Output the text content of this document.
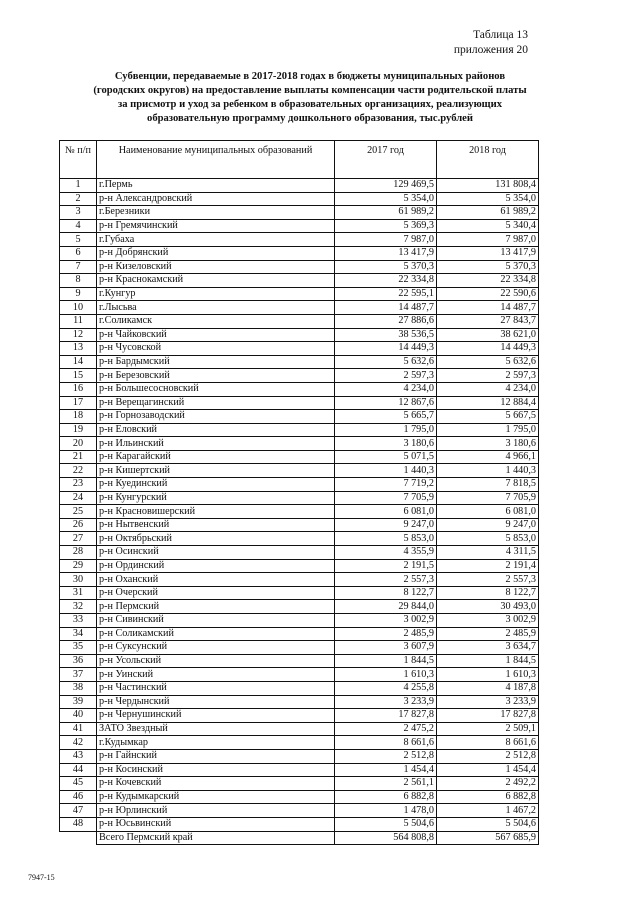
Таблица 13
приложения 20
Субвенции, передаваемые в 2017-2018 годах в бюджеты муниципальных районов
(городских округов) на предоставление выплаты компенсации части родительской платы
за присмотр и уход за ребенком в образовательных организациях, реализующих
образовательную программу дошкольного образования, тыс.рублей
№ п/п	Наименование муниципальных образований	2017 год	2018 год
1	г.Пермь	129 469,5	131 808,4
2	р-н Александровский	5 354,0	5 354,0
3	г.Березники	61 989,2	61 989,2
4	р-н Гремячинский	5 369,3	5 340,4
5	г.Губаха	7 987,0	7 987,0
6	р-н Добрянский	13 417,9	13 417,9
7	р-н Кизеловский	5 370,3	5 370,3
8	р-н Краснокамский	22 334,8	22 334,8
9	г.Кунгур	22 595,1	22 590,6
10	г.Лысьва	14 487,7	14 487,7
11	г.Соликамск	27 886,6	27 843,7
12	р-н Чайковский	38 536,5	38 621,0
13	р-н Чусовской	14 449,3	14 449,3
14	р-н Бардымский	5 632,6	5 632,6
15	р-н Березовский	2 597,3	2 597,3
16	р-н Большесосновский	4 234,0	4 234,0
17	р-н Верещагинский	12 867,6	12 884,4
18	р-н Горнозаводский	5 665,7	5 667,5
19	р-н Еловский	1 795,0	1 795,0
20	р-н Ильинский	3 180,6	3 180,6
21	р-н Карагайский	5 071,5	4 966,1
22	р-н Кишертский	1 440,3	1 440,3
23	р-н Куединский	7 719,2	7 818,5
24	р-н Кунгурский	7 705,9	7 705,9
25	р-н Красновишерский	6 081,0	6 081,0
26	р-н Нытвенский	9 247,0	9 247,0
27	р-н Октябрьский	5 853,0	5 853,0
28	р-н Осинский	4 355,9	4 311,5
29	р-н Ординский	2 191,5	2 191,4
30	р-н Оханский	2 557,3	2 557,3
31	р-н Очерский	8 122,7	8 122,7
32	р-н Пермский	29 844,0	30 493,0
33	р-н Сивинский	3 002,9	3 002,9
34	р-н Соликамский	2 485,9	2 485,9
35	р-н Суксунский	3 607,9	3 634,7
36	р-н Усольский	1 844,5	1 844,5
37	р-н Уинский	1 610,3	1 610,3
38	р-н Частинский	4 255,8	4 187,8
39	р-н Чердынский	3 233,9	3 233,9
40	р-н Чернушинский	17 827,8	17 827,8
41	ЗАТО Звездный	2 475,2	2 509,1
42	г.Кудымкар	8 661,6	8 661,6
43	р-н Гайнский	2 512,8	2 512,8
44	р-н Косинский	1 454,4	1 454,4
45	р-н Кочевский	2 561,1	2 492,2
46	р-н Кудымкарский	6 882,8	6 882,8
47	р-н Юрлинский	1 478,0	1 467,2
48	р-н Юсьвинский	5 504,6	5 504,6
	Всего Пермский край	564 808,8	567 685,9
7947-15
